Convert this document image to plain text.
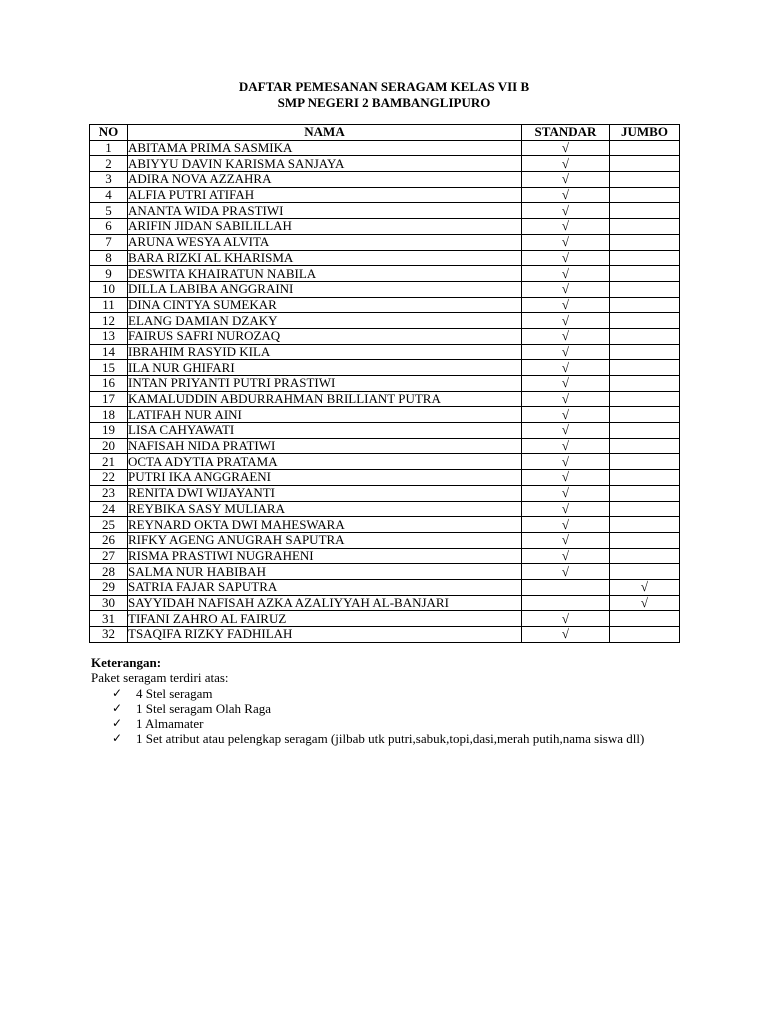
DAFTAR PEMESANAN SERAGAM KELAS VII B
SMP NEGERI 2 BAMBANGLIPURO
NO	NAMA	STANDAR	JUMBO
1	ABITAMA PRIMA SASMIKA	√	
2	ABIYYU DAVIN KARISMA SANJAYA	√	
3	ADIRA NOVA AZZAHRA	√	
4	ALFIA PUTRI ATIFAH	√	
5	ANANTA WIDA PRASTIWI	√	
6	ARIFIN JIDAN SABILILLAH	√	
7	ARUNA WESYA ALVITA	√	
8	BARA RIZKI AL KHARISMA	√	
9	DESWITA KHAIRATUN NABILA	√	
10	DILLA LABIBA ANGGRAINI	√	
11	DINA CINTYA SUMEKAR	√	
12	ELANG DAMIAN DZAKY	√	
13	FAIRUS SAFRI NUROZAQ	√	
14	IBRAHIM RASYID KILA	√	
15	ILA NUR GHIFARI	√	
16	INTAN PRIYANTI PUTRI PRASTIWI	√	
17	KAMALUDDIN ABDURRAHMAN BRILLIANT PUTRA	√	
18	LATIFAH NUR AINI	√	
19	LISA CAHYAWATI	√	
20	NAFISAH NIDA PRATIWI	√	
21	OCTA ADYTIA PRATAMA	√	
22	PUTRI IKA ANGGRAENI	√	
23	RENITA DWI WIJAYANTI	√	
24	REYBIKA SASY MULIARA	√	
25	REYNARD OKTA DWI MAHESWARA	√	
26	RIFKY AGENG ANUGRAH SAPUTRA	√	
27	RISMA PRASTIWI NUGRAHENI	√	
28	SALMA NUR HABIBAH	√	
29	SATRIA FAJAR SAPUTRA		√
30	SAYYIDAH NAFISAH AZKA AZALIYYAH AL-BANJARI		√
31	TIFANI ZAHRO AL FAIRUZ	√	
32	TSAQIFA RIZKY FADHILAH	√	
Keterangan:
Paket seragam terdiri atas:
✓ 4 Stel seragam
✓ 1 Stel seragam Olah Raga
✓ 1 Almamater
✓ 1 Set atribut atau pelengkap seragam (jilbab utk putri,sabuk,topi,dasi,merah putih,nama siswa dll)
